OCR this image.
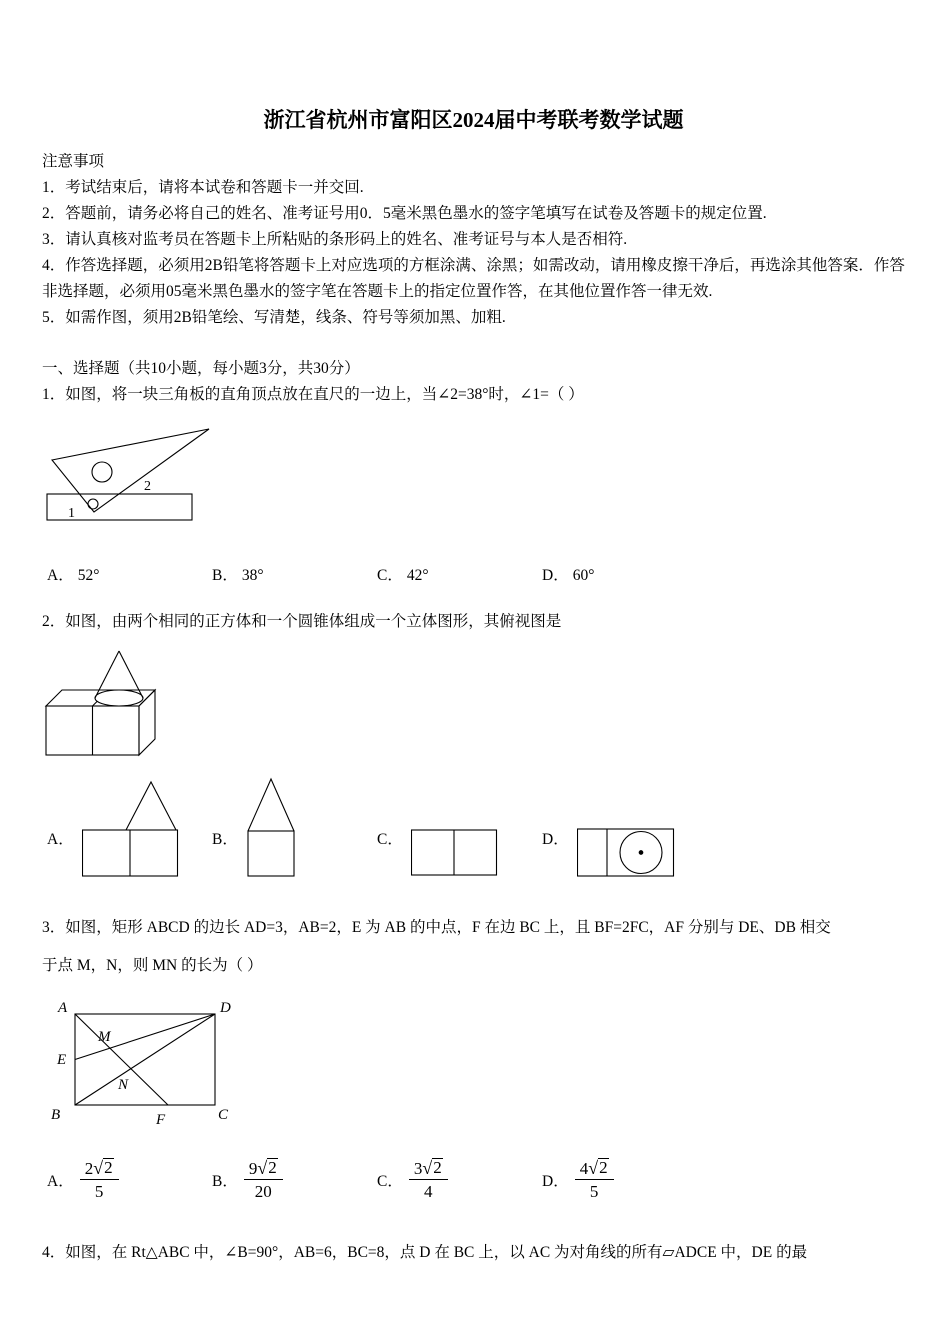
浙江省杭州市富阳区2024届中考联考数学试题

注意事项

1．考试结束后，请将本试卷和答题卡一并交回.

2．答题前，请务必将自己的姓名、准考证号用0．5毫米黑色墨水的签字笔填写在试卷及答题卡的规定位置.

3．请认真核对监考员在答题卡上所粘贴的条形码上的姓名、准考证号与本人是否相符.

4．作答选择题，必须用2B铅笔将答题卡上对应选项的方框涂满、涂黑；如需改动，请用橡皮擦干净后，再选涂其他答案．作答非选择题，必须用05毫米黑色墨水的签字笔在答题卡上的指定位置作答，在其他位置作答一律无效.

5．如需作图，须用2B铅笔绘、写清楚，线条、符号等须加黑、加粗.

一、选择题（共10小题，每小题3分，共30分）
1．如图，将一块三角板的直角顶点放在直尺的一边上，当∠2=38°时，∠1=（ ）
1
2
A． 52°	B． 38°	C． 42°	D． 60°
2．如图，由两个相同的正方体和一个圆锥体组成一个立体图形，其俯视图是
A．	B．	C．	D．
3．如图，矩形 ABCD 的边长 AD=3，AB=2，E 为 AB 的中点，F 在边 BC 上，且 BF=2FC，AF 分别与 DE、DB 相交
于点 M，N，则 MN 的长为（ ）
A	D
B	C
E
M
N
F
A． $\frac{2 √ 2}{5}$	B． $\frac{9 √ 2}{20}$	C． $\frac{3 √ 2}{4}$	D． $\frac{4 √ 2}{5}$
4．如图，在 Rt△ABC 中，∠B=90°，AB=6，BC=8，点 D 在 BC 上，以 AC 为对角线的所有▱ADCE 中，DE 的最
